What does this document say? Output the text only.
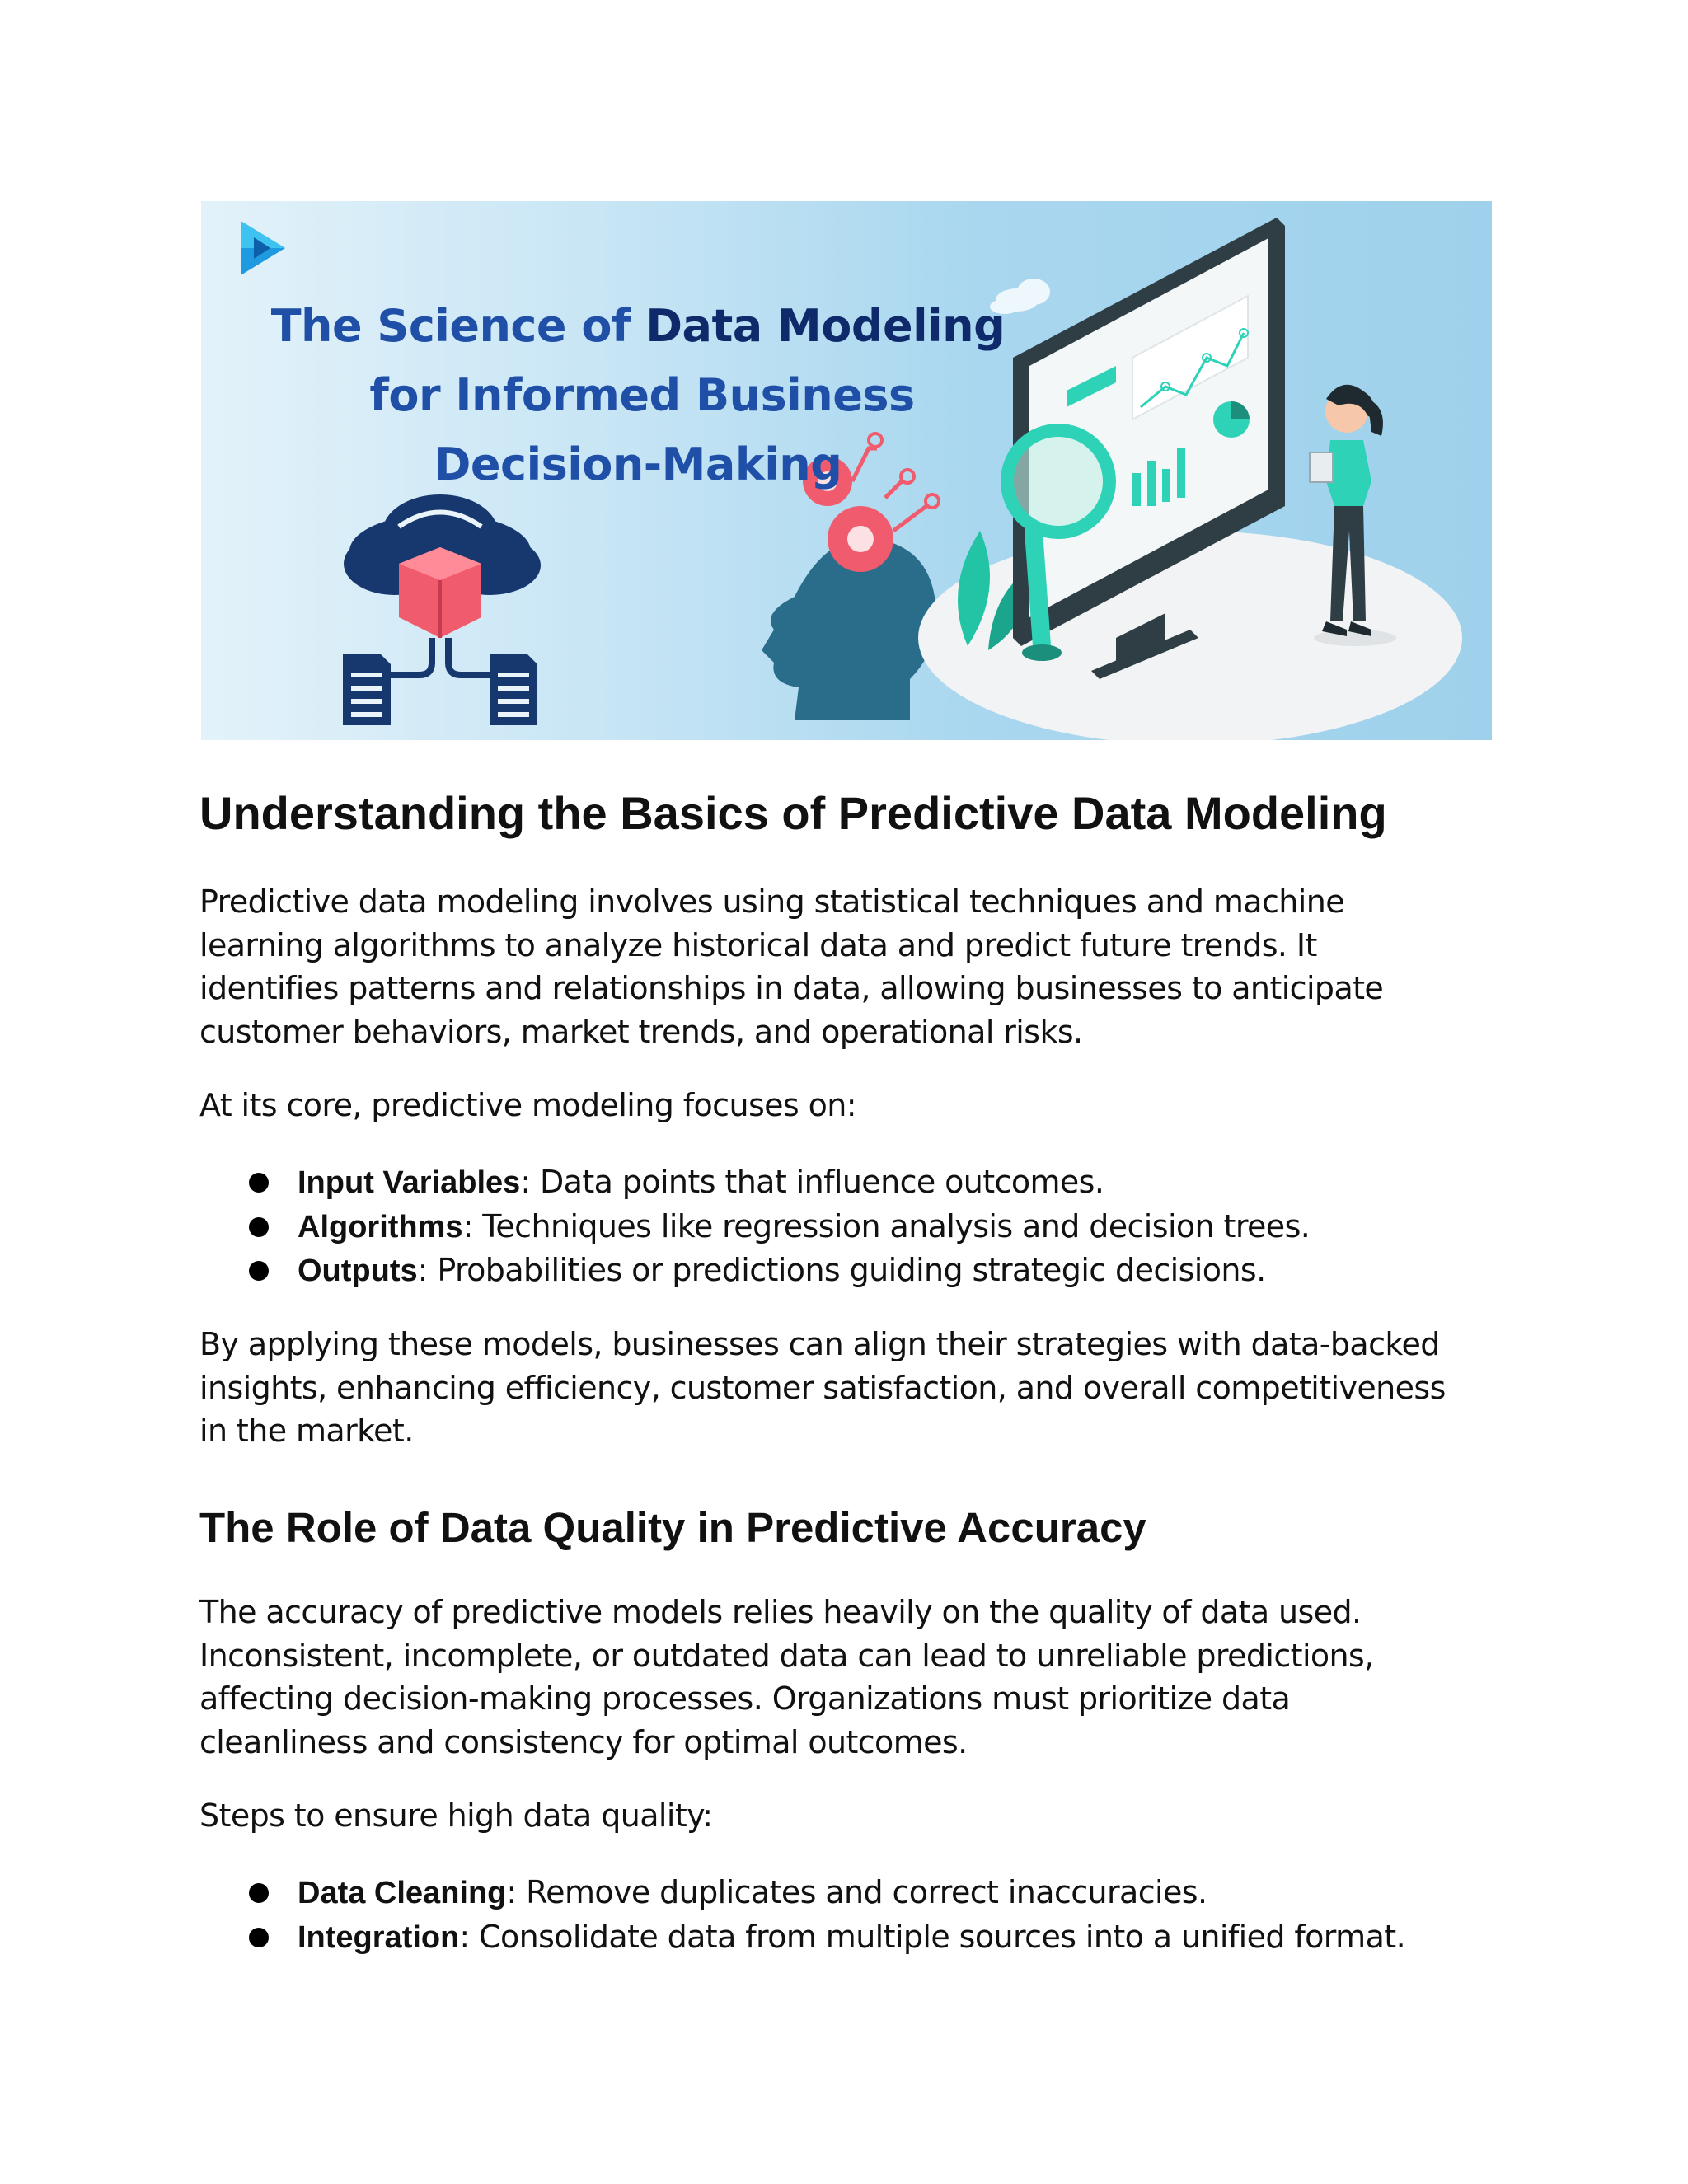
The Science of Data Modeling
for Informed Business
Decision-Making
Understanding the Basics of Predictive Data Modeling

Predictive data modeling involves using statistical techniques and machine
learning algorithms to analyze historical data and predict future trends. It
identifies patterns and relationships in data, allowing businesses to anticipate
customer behaviors, market trends, and operational risks.

At its core, predictive modeling focuses on:

Input Variables: Data points that influence outcomes.
Algorithms: Techniques like regression analysis and decision trees.
Outputs: Probabilities or predictions guiding strategic decisions.

By applying these models, businesses can align their strategies with data-backed
insights, enhancing efficiency, customer satisfaction, and overall competitiveness
in the market.

The Role of Data Quality in Predictive Accuracy

The accuracy of predictive models relies heavily on the quality of data used.
Inconsistent, incomplete, or outdated data can lead to unreliable predictions,
affecting decision-making processes. Organizations must prioritize data
cleanliness and consistency for optimal outcomes.

Steps to ensure high data quality:

Data Cleaning: Remove duplicates and correct inaccuracies.
Integration: Consolidate data from multiple sources into a unified format.
